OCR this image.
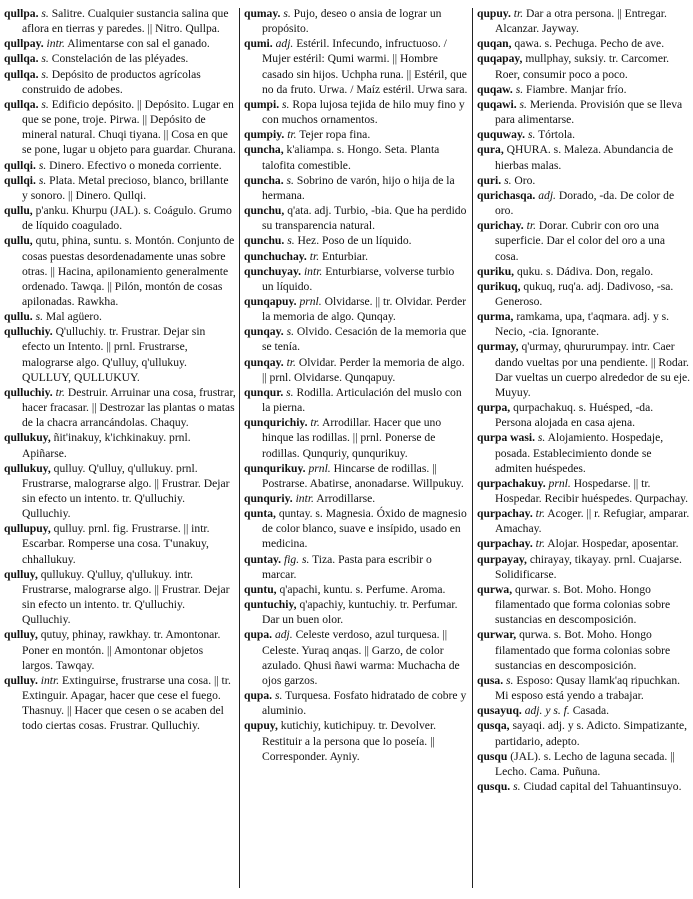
qullpa. s. Salitre. Cualquier sustancia salina que aflora en tierras y paredes. || Nitro. Qullpa.

qullpay. intr. Alimentarse con sal el ganado.

qullqa. s. Constelación de las pléyades.

qullqa. s. Depósito de productos agrícolas construido de adobes.

qullqa. s. Edificio depósito. || Depósito. Lugar en que se pone, troje. Pirwa. || Depósito de mineral natural. Chuqi tiyana. || Cosa en que se pone, lugar u objeto para guardar. Churana.

qullqi. s. Dinero. Efectivo o moneda corriente.

qullqi. s. Plata. Metal precioso, blanco, brillante y sonoro. || Dinero. Qullqi.

qullu, p'anku. Khurpu (JAL). s. Coágulo. Grumo de líquido coagulado.

qullu, qutu, phina, suntu. s. Montón. Conjunto de cosas puestas desordenadamente unas sobre otras. || Hacina, apilonamiento generalmente ordenado. Tawqa. || Pilón, montón de cosas apilonadas. Rawkha.

qullu. s. Mal agüero.

qulluchiy. Q'ulluchiy. tr. Frustrar. Dejar sin efecto un Intento. || prnl. Frustrarse, malograrse algo. Q'ulluy, q'ullukuy. QULLUY, QULLUKUY.

qulluchiy. tr. Destruir. Arruinar una cosa, frustrar, hacer fracasar. || Destrozar las plantas o matas de la chacra arrancándolas. Chaquy.

qullukuy, ñit'inakuy, k'ichkinakuy. prnl. Apiñarse.

qullukuy, qulluy. Q'ulluy, q'ullukuy. prnl. Frustrarse, malograrse algo. || Frustrar. Dejar sin efecto un intento. tr. Q'ulluchiy. Qulluchiy.

qullupuy, qulluy. prnl. fig. Frustrarse. || intr. Escarbar. Romperse una cosa. T'unakuy, chhallukuy.

qulluy, qullukuy. Q'ulluy, q'ullukuy. intr. Frustrarse, malograrse algo. || Frustrar. Dejar sin efecto un intento. tr. Q'ulluchiy. Qulluchiy.

qulluy, qutuy, phinay, rawkhay. tr. Amontonar. Poner en montón. || Amontonar objetos largos. Tawqay.

qulluy. intr. Extinguirse, frustrarse una cosa. || tr. Extinguir. Apagar, hacer que cese el fuego. Thasnuy. || Hacer que cesen o se acaben del todo ciertas cosas. Frustrar. Qulluchiy.

qumay. s. Pujo, deseo o ansia de lograr un propósito.

qumi. adj. Estéril. Infecundo, infructuoso. / Mujer estéril: Qumi warmi. || Hombre casado sin hijos. Uchpha runa. || Estéril, que no da fruto. Urwa. / Maíz estéril. Urwa sara.

qumpi. s. Ropa lujosa tejida de hilo muy fino y con muchos ornamentos.

qumpiy. tr. Tejer ropa fina.

quncha, k'aliampa. s. Hongo. Seta. Planta talofita comestible.

quncha. s. Sobrino de varón, hijo o hija de la hermana.

qunchu, q'ata. adj. Turbio, -bia. Que ha perdido su transparencia natural.

qunchu. s. Hez. Poso de un líquido.

qunchuchay. tr. Enturbiar.

qunchuyay. intr. Enturbiarse, volverse turbio un líquido.

qunqapuy. prnl. Olvidarse. || tr. Olvidar. Perder la memoria de algo. Qunqay.

qunqay. s. Olvido. Cesación de la memoria que se tenía.

qunqay. tr. Olvidar. Perder la memoria de algo. || prnl. Olvidarse. Qunqapuy.

qunqur. s. Rodilla. Articulación del muslo con la pierna.

qunqurichiy. tr. Arrodillar. Hacer que uno hinque las rodillas. || prnl. Ponerse de rodillas. Qunquriy, qunqurikuy.

qunqurikuy. prnl. Hincarse de rodillas. || Postrarse. Abatirse, anonadarse. Willpukuy.

qunquriy. intr. Arrodillarse.

qunta, quntay. s. Magnesia. Óxido de magnesio de color blanco, suave e insípido, usado en medicina.

quntay. fig. s. Tiza. Pasta para escribir o marcar.

quntu, q'apachi, kuntu. s. Perfume. Aroma.

quntuchiy, q'apachiy, kuntuchiy. tr. Perfumar. Dar un buen olor.

qupa. adj. Celeste verdoso, azul turquesa. || Celeste. Yuraq anqas. || Garzo, de color azulado. Qhusi ñawi warma: Muchacha de ojos garzos.

qupa. s. Turquesa. Fosfato hidratado de cobre y aluminio.

qupuy, kutichiy, kutichipuy. tr. Devolver. Restituir a la persona que lo poseía. || Corresponder. Ayniy.

qupuy. tr. Dar a otra persona. || Entregar. Alcanzar. Jayway.

quqan, qawa. s. Pechuga. Pecho de ave.

quqapay, mullphay, suksiy. tr. Carcomer. Roer, consumir poco a poco.

quqaw. s. Fiambre. Manjar frío.

quqawi. s. Merienda. Provisión que se lleva para alimentarse.

ququway. s. Tórtola.

qura, QHURA. s. Maleza. Abundancia de hierbas malas.

quri. s. Oro.

qurichasqa. adj. Dorado, -da. De color de oro.

qurichay. tr. Dorar. Cubrir con oro una superficie. Dar el color del oro a una cosa.

quriku, quku. s. Dádiva. Don, regalo.

qurikuq, qukuq, ruq'a. adj. Dadivoso, -sa. Generoso.

qurma, ramkama, upa, t'aqmara. adj. y s. Necio, -cia. Ignorante.

qurmay, q'urmay, qhururumpay. intr. Caer dando vueltas por una pendiente. || Rodar. Dar vueltas un cuerpo alrededor de su eje. Muyuy.

qurpa, qurpachakuq. s. Huésped, -da. Persona alojada en casa ajena.

qurpa wasi. s. Alojamiento. Hospedaje, posada. Establecimiento donde se admiten huéspedes.

qurpachakuy. prnl. Hospedarse. || tr. Hospedar. Recibir huéspedes. Qurpachay.

qurpachay. tr. Acoger. || r. Refugiar, amparar. Amachay.

qurpachay. tr. Alojar. Hospedar, aposentar.

qurpayay, chirayay, tikayay. prnl. Cuajarse. Solidificarse.

qurwa, qurwar. s. Bot. Moho. Hongo filamentado que forma colonias sobre sustancias en descomposición.

qurwar, qurwa. s. Bot. Moho. Hongo filamentado que forma colonias sobre sustancias en descomposición.

qusa. s. Esposo: Qusay llamk'aq ripuchkan. Mi esposo está yendo a trabajar.

qusayuq. adj. y s. f. Casada.

qusqa, sayaqi. adj. y s. Adicto. Simpatizante, partidario, adepto.

qusqu (JAL). s. Lecho de laguna secada. || Lecho. Cama. Puñuna.

qusqu. s. Ciudad capital del Tahuantinsuyo.
